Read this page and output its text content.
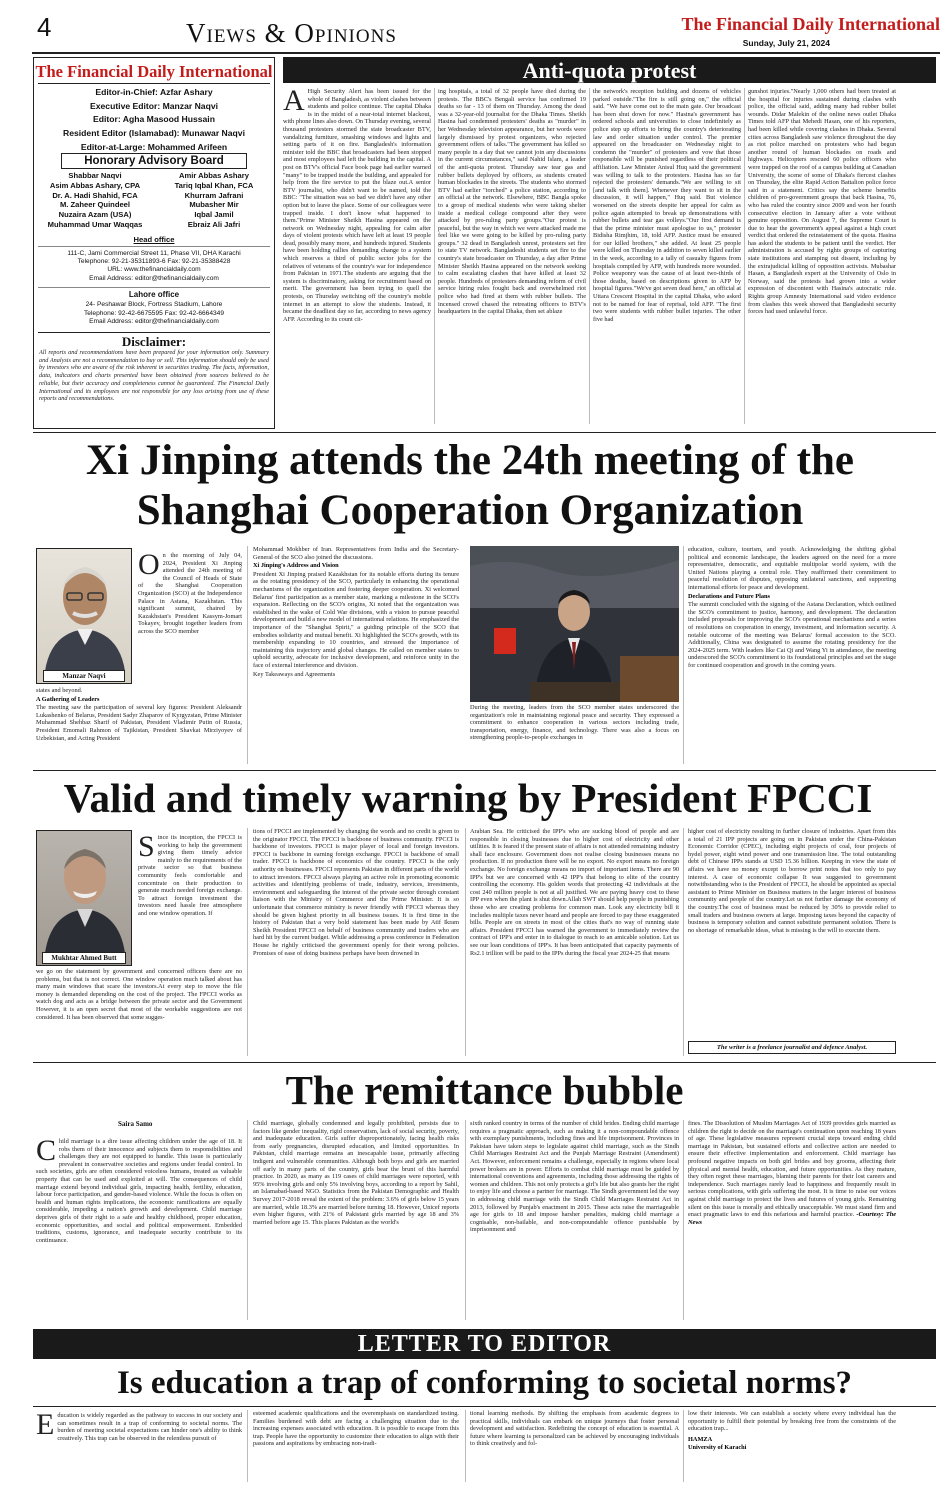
4	Views & Opinions	The Financial Daily International
Sunday, July 21, 2024
The Financial Daily International
Editor-in-Chief: Azfar Ashary
Executive Editor: Manzar Naqvi
Editor: Agha Masood Hussain
Resident Editor (Islamabad): Munawar Naqvi
Editor-at-Large: Mohammed Arifeen
Honorary Advisory Board
Shabbar Naqvi
Asim Abbas Ashary, CPA
Dr. A. Hadi Shahid, FCA
M. Zaheer Quindeel
Nuzaira Azam (USA)
Muhammad Umar Waqqas
Amir Abbas Ashary
Tariq Iqbal Khan, FCA
Khurram Jafrani
Mubasher Mir
Iqbal Jamil
Ebraiz Ali Jafri
Head office
111-C, Jami Commercial Street 11, Phase VII, DHA Karachi
Telephone: 92-21-35311893-6 Fax: 92-21-35388428
URL: www.thefinancialdaily.com
Email Address: editor@thefinancialdaily.com
Lahore office
24- Peshawar Block, Fortress Stadium, Lahore
Telephone: 92-42-6675595 Fax: 92-42-6664349
Email Address: editor@thefinancialdaily.com
Disclaimer:
All reports and recommendations have been prepared for your information only. Summary and Analysis are not a recommendation to buy or sell. This information should only be used by investors who are aware of the risk inherent in securities trading. The facts, information, data, indicators and charts presented have been obtained from sources believed to be reliable, but their accuracy and completeness cannot be guaranteed. The Financial Daily International and its employees are not responsible for any loss arising from use of these reports and recommendations.
Anti-quota protest
A High Security Alert has been issued for the whole of Bangladesh, as violent clashes between students and police continue. The capital Dhaka is in the midst of a near-total internet blackout, with phone lines also down. On Thursday evening, several thousand protesters stormed the state broadcaster BTV, vandalizing furniture, smashing windows and lights and setting parts of it on fire. Bangladesh's information minister told the BBC that broadcasters had been stopped and most employees had left the building in the capital. A post on BTV's official Face book page had earlier warned "many" to be trapped inside the building, and appealed for help from the fire service to put the blaze out.A senior BTV journalist, who didn't want to be named, told the BBC: "The situation was so bad we didn't have any other option but to leave the place. Some of our colleagues were trapped inside. I don't know what happened to them."Prime Minister Sheikh Hasina appeared on the network on Wednesday night, appealing for calm after days of violent protests which have left at least 19 people dead, possibly many more, and hundreds injured. Students have been holding rallies demanding change to a system which reserves a third of public sector jobs for the relatives of veterans of the country's war for independence from Pakistan in 1971.The students are arguing that the system is discriminatory, asking for recruitment based on merit. The government has been trying to quell the protests, on Thursday switching off the country's mobile internet in an attempt to slow the students. Instead, it became the deadliest day so far, according to news agency AFP. According to its count cit-
ing hospitals, a total of 32 people have died during the protests. The BBC's Bengali service has confirmed 19 deaths so far - 13 of them on Thursday. Among the dead was a 32-year-old journalist for the Dhaka Times. Sheikh Hasina had condemned protesters' deaths as "murder" in her Wednesday television appearance, but her words were largely dismissed by protest organizers, who rejected government offers of talks."The government has killed so many people in a day that we cannot join any discussions in the current circumstances," said Nahid Islam, a leader of the anti-quota protest. Thursday saw tear gas and rubber bullets deployed by officers, as students created human blockades in the streets. The students who stormed BTV had earlier "torched" a police station, according to an official at the network. Elsewhere, BBC Bangla spoke to a group of medical students who were taking shelter inside a medical college compound after they were attacked by pro-ruling party groups."Our protest is peaceful, but the way in which we were attacked made me feel like we were going to be killed by pro-ruling party groups." 32 dead in Bangladesh unrest, protesters set fire to state TV network. Bangladeshi students set fire to the country's state broadcaster on Thursday, a day after Prime Minister Sheikh Hasina appeared on the network seeking to calm escalating clashes that have killed at least 32 people. Hundreds of protesters demanding reform of civil service hiring rules fought back and overwhelmed riot police who had fired at them with rubber bullets. The incensed crowd chased the retreating officers to BTV's headquarters in the capital Dhaka, then set ablaze
the network's reception building and dozens of vehicles parked outside."The fire is still going on," the official said. "We have come out to the main gate. Our broadcast has been shut down for now." Hasina's government has ordered schools and universities to close indefinitely as police step up efforts to bring the country's deteriorating law and order situation under control. The premier appeared on the broadcaster on Wednesday night to condemn the "murder" of protesters and vow that those responsible will be punished regardless of their political affiliation. Law Minister Anisul Huq said the government was willing to talk to the protesters. Hasina has so far rejected the protesters' demands."We are willing to sit [and talk with them]. Whenever they want to sit in the discussion, it will happen," Huq said. But violence worsened on the streets despite her appeal for calm as police again attempted to break up demonstrations with rubber bullets and tear gas volleys."Our first demand is that the prime minister must apologise to us," protester Bidisha Rimjhim, 18, told AFP. Justice must be ensured for our killed brothers," she added. At least 25 people were killed on Thursday in addition to seven killed earlier in the week, according to a tally of casualty figures from hospitals compiled by AFP, with hundreds more wounded. Police weaponry was the cause of at least two-thirds of those deaths, based on descriptions given to AFP by hospital figures."We've got seven dead here," an official at Uttara Crescent Hospital in the capital Dhaka, who asked not to be named for fear of reprisal, told AFP. "The first two were students with rubber bullet injuries. The other five had
gunshot injuries."Nearly 1,000 others had been treated at the hospital for injuries sustained during clashes with police, the official said, adding many had rubber bullet wounds. Didar Malekin of the online news outlet Dhaka Times told AFP that Mehedi Hasan, one of his reporters, had been killed while covering clashes in Dhaka. Several cities across Bangladesh saw violence throughout the day as riot police marched on protesters who had begun another round of human blockades on roads and highways. Helicopters rescued 60 police officers who were trapped on the roof of a campus building at Canadian University, the scene of some of Dhaka's fiercest clashes on Thursday, the elite Rapid Action Battalion police force said in a statement. Critics say the scheme benefits children of pro-government groups that back Hasina, 76, who has ruled the country since 2009 and won her fourth consecutive election in January after a vote without genuine opposition. On August 7, the Supreme Court is due to hear the government's appeal against a high court verdict that ordered the reinstatement of the quota. Hasina has asked the students to be patient until the verdict. Her administration is accused by rights groups of capturing state institutions and stamping out dissent, including by the extrajudicial killing of opposition activists. Mubashar Hasan, a Bangladesh expert at the University of Oslo in Norway, said the protests had grown into a wider expression of discontent with Hasina's autocratic rule. Rights group Amnesty International said video evidence from clashes this week showed that Bangladeshi security forces had used unlawful force.
Xi Jinping attends the 24th meeting of the Shanghai Cooperation Organization
Manzar Naqvi
On the morning of July 04, 2024, President Xi Jinping attended the 24th meeting of the Council of Heads of State of the Shanghai Cooperation Organization (SCO) at the Independence Palace in Astana, Kazakhstan. This significant summit, chaired by Kazakhstan's President Kassym-Jomart Tokayev, brought together leaders from across the SCO member

states and beyond.

A Gathering of Leaders

The meeting saw the participation of several key figures: President Aleksandr Lukashenko of Belarus, President Sadyr Zhaparov of Kyrgyzstan, Prime Minister Muhammad Shehbaz Sharif of Pakistan, President Vladimir Putin of Russia, President Emomali Rahmon of Tajikistan, President Shavkat Mirziyoyev of Uzbekistan, and Acting President

Mohammad Mokhber of Iran. Representatives from India and the Secretary-General of the SCO also joined the discussions.

Xi Jinping's Address and Vision

President Xi Jinping praised Kazakhstan for its notable efforts during its tenure as the rotating presidency of the SCO, particularly in enhancing the operational mechanisms of the organization and fostering deeper cooperation. Xi welcomed Belarus' first participation as a member state, marking a milestone in the SCO's expansion. Reflecting on the SCO's origins, Xi noted that the organization was established in the wake of Cold War divisions, with a vision to pursue peaceful development and build a new model of international relations. He emphasized the importance of the "Shanghai Spirit," a guiding principle of the SCO that embodies solidarity and mutual benefit. Xi highlighted the SCO's growth, with its membership expanding to 10 countries, and stressed the importance of maintaining this trajectory amid global changes. He called on member states to uphold security, advocate for inclusive development, and reinforce unity in the face of external interference and division.

Key Takeaways and Agreements

During the meeting, leaders from the SCO member states underscored the organization's role in maintaining regional peace and security. They expressed a commitment to enhance cooperation in various sectors including trade, transportation, energy, finance, and technology. There was also a focus on strengthening people-to-people exchanges in

education, culture, tourism, and youth. Acknowledging the shifting global political and economic landscape, the leaders agreed on the need for a more representative, democratic, and equitable multipolar world system, with the United Nations playing a central role. They reaffirmed their commitment to peaceful resolution of disputes, opposing unilateral sanctions, and supporting international efforts for peace and development.

Declarations and Future Plans

The summit concluded with the signing of the Astana Declaration, which outlined the SCO's commitment to justice, harmony, and development. The declaration included proposals for improving the SCO's operational mechanisms and a series of resolutions on cooperation in energy, investment, and information security. A notable outcome of the meeting was Belarus' formal accession to the SCO. Additionally, China was designated to assume the rotating presidency for the 2024-2025 term. With leaders like Cai Qi and Wang Yi in attendance, the meeting underscored the SCO's commitment to its foundational principles and set the stage for continued cooperation and growth in the coming years.

Valid and timely warning by President FPCCI
Mukhtar Ahmed Butt
Since its inception, the FPCCI is working to help the government giving them timely advice mainly to the requirements of the private sector so that business community feels comfortable and concentrate on their production to generate much needed foreign exchange. To attract foreign investment the investors need hassle free atmosphere and one window operation. If
we go on the statement by government and concerned officers there are no problems, but that is not correct. One window operation much talked about has many main windows that scare the investors.At every step to move the file money is demanded depending on the cost of the project. The FPCCI works as watch dog and acts as a bridge between the private sector and the Government However, it is an open secret that most of the workable suggestions are not considered. It has been observed that some sugges-
tions of FPCCI are implemented by changing the words and no credit is given to the originator FPCCI. The FPCCI is backbone of business community. FPCCI is backbone of investors. FPCCI is major player of local and foreign investors. FPCCI is backbone in earning foreign exchange. FPCCI is backbone of small trader. FPCCI is backbone of economics of the country. FPCCI is the only authority on businesses. FPCCI represents Pakistan in different parts of the world to attract investors. FPCCI always playing an active role in promoting economic activities and identifying problems of trade, industry, services, investments, environment and safeguarding the interest of the private sector through constant liaison with the Ministry of Commerce and the Prime Minister. It is so unfortunate that commerce ministry is never friendly with FPCCI whereas they should be given highest priority in all business issues. It is first time in the history of Pakistan that a very bold statement has been made by Atif Ikram Sheikh President FPCCI on behalf of business community and traders who are hard hit by the current budget. While addressing a press conference in Federation House he rightly criticised the government openly for their wrong policies. Promises of ease of doing business perhaps have been drowned in
Arabian Sea. He criticised the IPP's who are sucking blood of people and are responsible in closing businesses due to higher cost of electricity and other utilities. It is feared if the present state of affairs is not attended remaining industry shall face enclosure. Government does not realise closing businesses means no production. If no production there will be no export. No export means no foreign exchange. No foreign exchange means no import of important items. There are 90 IPP's but we are concerned with 42 IPP's that belong to elite of the country controlling the economy. His golden words that protecting 42 individuals at the cost 240 million people is not at all justified. We are paying heavy cost to these IPP even when the plant is shut down.Allah SWT should help people in punishing those who are creating problems for common man. Look any electricity bill it includes multiple taxes never heard and people are forced to pay these exaggerated bills. People are on streets in most of the cities that's no way of running state affairs. President FPCCI has warned the government to immediately review the contract of IPP's and enter in to dialogue to reach to an amicable solution. Let us see our loan conditions of IPP's. It has been anticipated that capacity payments of Rs2.1 trillion will be paid to the IPPs during the fiscal year 2024-25 that means
higher cost of electricity resulting in further closure of industries. Apart from this a total of 21 IPP projects are going on in Pakistan under the China-Pakistan Economic Corridor (CPEC), including eight projects of coal, four projects of hydel power, eight wind power and one transmission line. The total outstanding debt of Chinese IPPs stands at USD 15.36 billion. Keeping in view the state of affairs we have no money except to borrow print notes that too only to pay interest. A case of economic collapse It was suggested to government notwithstanding who is the President of FPCCI, he should be appointed as special assistant to Prime Minister on Business matters in the larger interest of business community and people of the country.Let us not further damage the economy of the country.The cost of business must be reduced by 30% to provide relief to small traders and business owners at large. Imposing taxes beyond the capacity of business is temporary solution and cannot substitute permanent solution. There is no shortage of remarkable ideas, what is missing is the will to execute them.
The writer is a freelance journalist and defence Analyst.
The remittance bubble
Saira Samo
Child marriage is a dire issue affecting children under the age of 18. It robs them of their innocence and subjects them to responsibilities and challenges they are not equipped to handle. This issue is particularly prevalent in conservative societies and regions under feudal control. In such societies, girls are often considered voiceless humans, treated as valuable property that can be used and exploited at will. The consequences of child marriage extend beyond individual girls, impacting health, fertility, education, labour force participation, and gender-based violence. While the focus is often on health and human rights implications, the economic ramifications are equally considerable, impeding a nation's growth and development. Child marriage deprives girls of their right to a safe and healthy childhood, proper education, economic opportunities, and social and political empowerment. Embedded traditions, customs, ignorance, and inadequate security contribute to its continuance.
Child marriage, globally condemned and legally prohibited, persists due to factors like gender inequality, rigid conservatism, lack of social security, poverty, and inadequate education. Girls suffer disproportionately, facing health risks from early pregnancies, disrupted education, and limited opportunities. In Pakistan, child marriage remains an inescapable issue, primarily affecting indigent and vulnerable communities. Although both boys and girls are married off early in many parts of the country, girls bear the brunt of this harmful practice. In 2020, as many as 119 cases of child marriages were reported, with 95% involving girls and only 5% involving boys, according to a report by Sahil, an Islamabad-based NGO. Statistics from the Pakistan Demographic and Health Survey 2017-2018 reveal the extent of the problem: 3.6% of girls below 15 years are married, while 18.3% are married before turning 18. However, Unicef reports even higher figures, with 21% of Pakistani girls married by age 18 and 3% married before age 15. This places Pakistan as the world's
sixth ranked country in terms of the number of child brides. Ending child marriage requires a pragmatic approach, such as making it a non-compoundable offence with exemplary punishments, including fines and life imprisonment. Provinces in Pakistan have taken steps to legislate against child marriage, such as the Sindh Child Marriages Restraint Act and the Punjab Marriage Restraint (Amendment) Act. However, enforcement remains a challenge, especially in regions where local power brokers are in power. Efforts to combat child marriage must be guided by international conventions and agreements, including those addressing the rights of women and children. This not only protects a girl's life but also grants her the right to enjoy life and choose a partner for marriage. The Sindh government led the way in addressing child marriage with the Sindh Child Marriages Restraint Act in 2013, followed by Punjab's enactment in 2015. These acts raise the marriageable age for girls to 18 and impose harsher penalties, making child marriage a cognisable, non-bailable, and non-compoundable offence punishable by imprisonment and
fines. The Dissolution of Muslim Marriages Act of 1939 provides girls married as children the right to decide on the marriage's continuation upon reaching 18 years of age. These legislative measures represent crucial steps toward ending child marriage in Pakistan, but sustained efforts and collective action are needed to ensure their effective implementation and enforcement. Child marriage has profound negative impacts on both girl brides and boy grooms, affecting their physical and mental health, education, and future opportunities. As they mature, they often regret these marriages, blaming their parents for their lost careers and independence. Such marriages rarely lead to happiness and frequently result in serious complications, with girls suffering the most. It is time to raise our voices against child marriage to protect the lives and futures of young girls. Remaining silent on this issue is morally and ethically unacceptable. We must stand firm and enact pragmatic laws to end this nefarious and harmful practice. -Courtesy: The News
LETTER TO EDITOR
Is education a trap of conforming to societal norms?
Education is widely regarded as the pathway to success in our society and can sometimes result in a trap of conforming to societal norms. The burden of meeting societal expectations can hinder one's ability to think creatively. This trap can be observed in the relentless pursuit of
esteemed academic qualifications and the overemphasis on standardized testing. Families burdened with debt are facing a challenging situation due to the increasing expenses associated with education. It is possible to escape from this trap. People have the opportunity to customize their education to align with their passions and aspirations by embracing non-tradi-
tional learning methods. By shifting the emphasis from academic degrees to practical skills, individuals can embark on unique journeys that foster personal development and satisfaction. Redefining the concept of education is essential. A future where learning is personalized can be achieved by encouraging individuals to think creatively and fol-

low their interests. We can establish a society where every individual has the opportunity to fulfill their potential by breaking free from the constraints of the education trap...

HAMZA

University of Karachi
